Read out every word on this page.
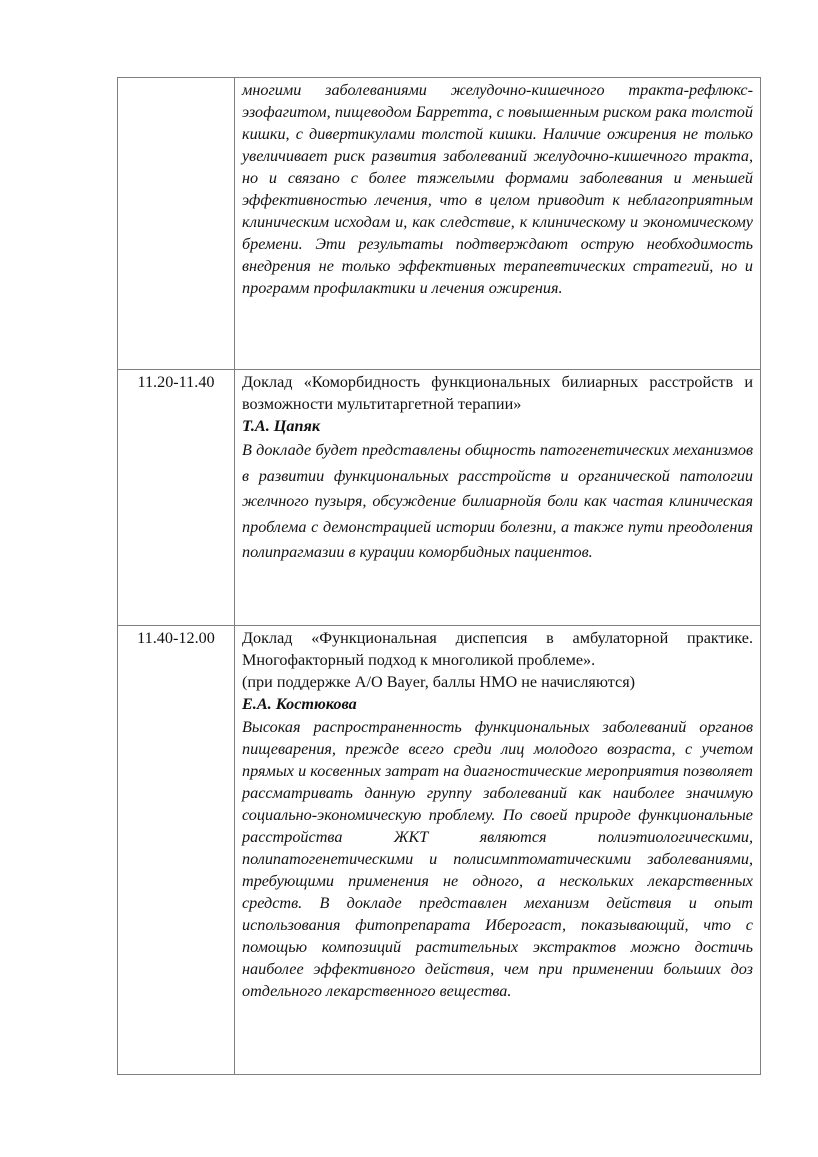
	многими заболеваниями желудочно-кишечного тракта-рефлюкс-эзофагитом, пищеводом Барретта, с повышенным риском рака толстой кишки, с дивертикулами толстой кишки. Наличие ожирения не только увеличивает риск развития заболеваний желудочно-кишечного тракта, но и связано с более тяжелыми формами заболевания и меньшей эффективностью лечения, что в целом приводит к неблагоприятным клиническим исходам и, как следствие, к клиническому и экономическому бремени. Эти результаты подтверждают острую необходимость внедрения не только эффективных терапевтических стратегий, но и программ профилактики и лечения ожирения.

11.20-11.40	Доклад «Коморбидность функциональных билиарных расстройств и возможности мультитаргетной терапии»
Т.А. Цапяк
В докладе будет представлены общность патогенетических механизмов в развитии функциональных расстройств и органической патологии желчного пузыря, обсуждение билиарнойя боли как частая клиническая проблема с демонстрацией истории болезни, а также пути преодоления полипрагмазии в курации коморбидных пациентов.

11.40-12.00	Доклад «Функциональная диспепсия в амбулаторной практике. Многофакторный подход к многоликой проблеме».
(при поддержке А/О Bayer, баллы НМО не начисляются)
Е.А. Костюкова
Высокая распространенность функциональных заболеваний органов пищеварения, прежде всего среди лиц молодого возраста, с учетом прямых и косвенных затрат на диагностические мероприятия позволяет рассматривать данную группу заболеваний как наиболее значимую социально-экономическую проблему. По своей природе функциональные расстройства ЖКТ являются полиэтиологическими, полипатогенетическими и полисимптоматическими заболеваниями, требующими применения не одного, а нескольких лекарственных средств. В докладе представлен механизм действия и опыт использования фитопрепарата Иберогаст, показывающий, что с помощью композиций растительных экстрактов можно достичь наиболее эффективного действия, чем при применении больших доз отдельного лекарственного вещества.
